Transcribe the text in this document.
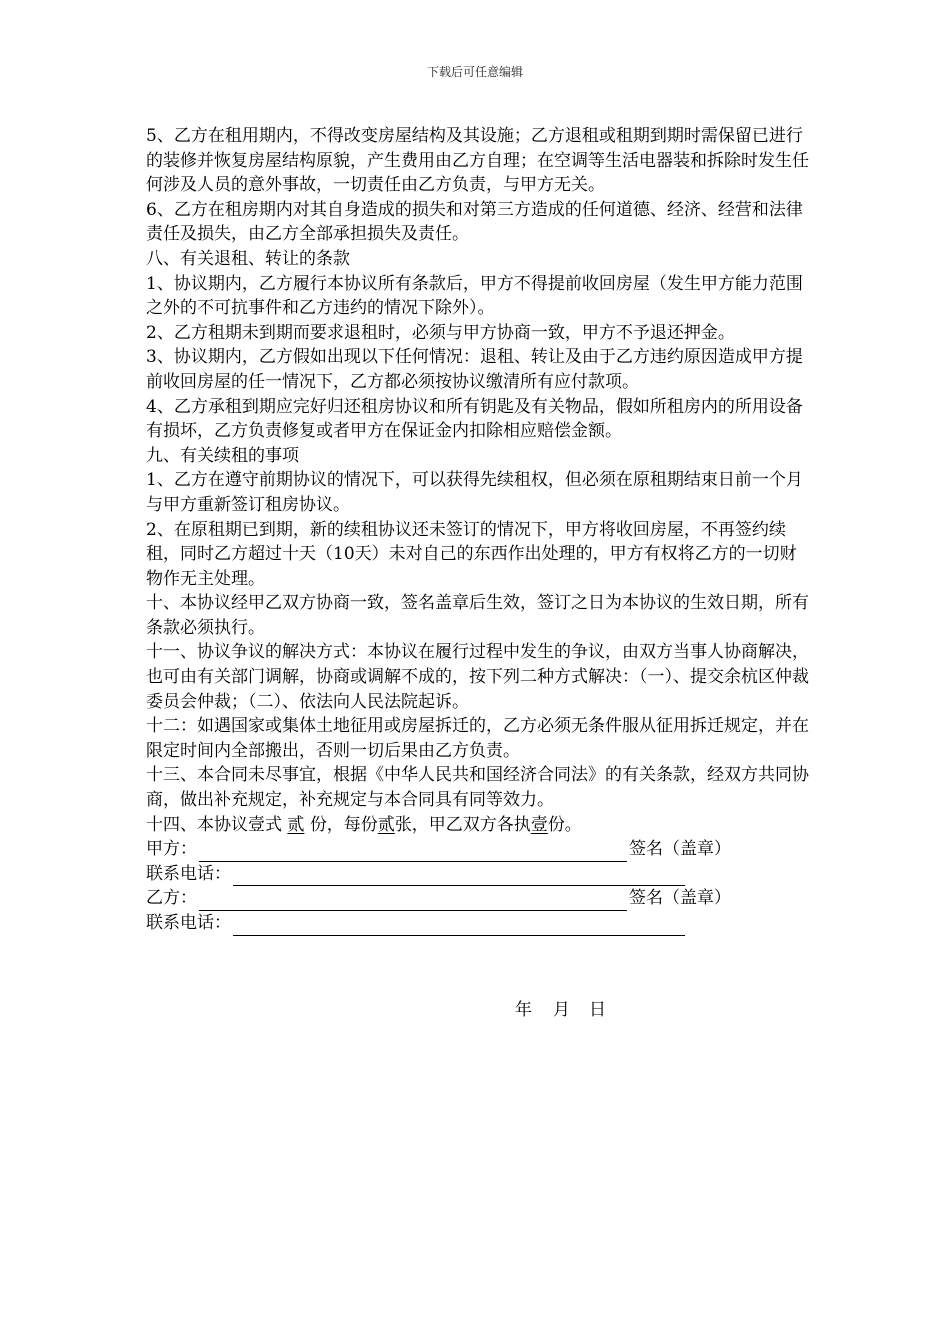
下载后可任意编辑

5、乙方在租用期内，不得改变房屋结构及其设施；乙方退租或租期到期时需保留已进行的装修并恢复房屋结构原貌，产生费用由乙方自理；在空调等生活电器装和拆除时发生任何涉及人员的意外事故，一切责任由乙方负责，与甲方无关。

6、乙方在租房期内对其自身造成的损失和对第三方造成的任何道德、经济、经营和法律责任及损失，由乙方全部承担损失及责任。

八、有关退租、转让的条款

1、协议期内，乙方履行本协议所有条款后，甲方不得提前收回房屋（发生甲方能力范围之外的不可抗事件和乙方违约的情况下除外）。

2、乙方租期未到期而要求退租时，必须与甲方协商一致，甲方不予退还押金。

3、协议期内，乙方假如出现以下任何情况：退租、转让及由于乙方违约原因造成甲方提前收回房屋的任一情况下，乙方都必须按协议缴清所有应付款项。

4、乙方承租到期应完好归还租房协议和所有钥匙及有关物品，假如所租房内的所用设备有损坏，乙方负责修复或者甲方在保证金内扣除相应赔偿金额。

九、有关续租的事项

1、乙方在遵守前期协议的情况下，可以获得先续租权，但必须在原租期结束日前一个月与甲方重新签订租房协议。

2、在原租期已到期，新的续租协议还未签订的情况下，甲方将收回房屋，不再签约续租，同时乙方超过十天（10天）未对自己的东西作出处理的，甲方有权将乙方的一切财物作无主处理。

十、本协议经甲乙双方协商一致，签名盖章后生效，签订之日为本协议的生效日期，所有条款必须执行。

十一、协议争议的解决方式：本协议在履行过程中发生的争议，由双方当事人协商解决，也可由有关部门调解，协商或调解不成的，按下列二种方式解决：（一）、提交余杭区仲裁委员会仲裁；（二）、依法向人民法院起诉。

十二：如遇国家或集体土地征用或房屋拆迁的，乙方必须无条件服从征用拆迁规定，并在限定时间内全部搬出，否则一切后果由乙方负责。

十三、本合同未尽事宜，根据《中华人民共和国经济合同法》的有关条款，经双方共同协商，做出补充规定，补充规定与本合同具有同等效力。

十四、本协议壹式 贰 份，每份贰张，甲乙双方各执壹份。

甲方：	签名（盖章）
联系电话：
乙方：	签名（盖章）
联系电话：
年 月 日
